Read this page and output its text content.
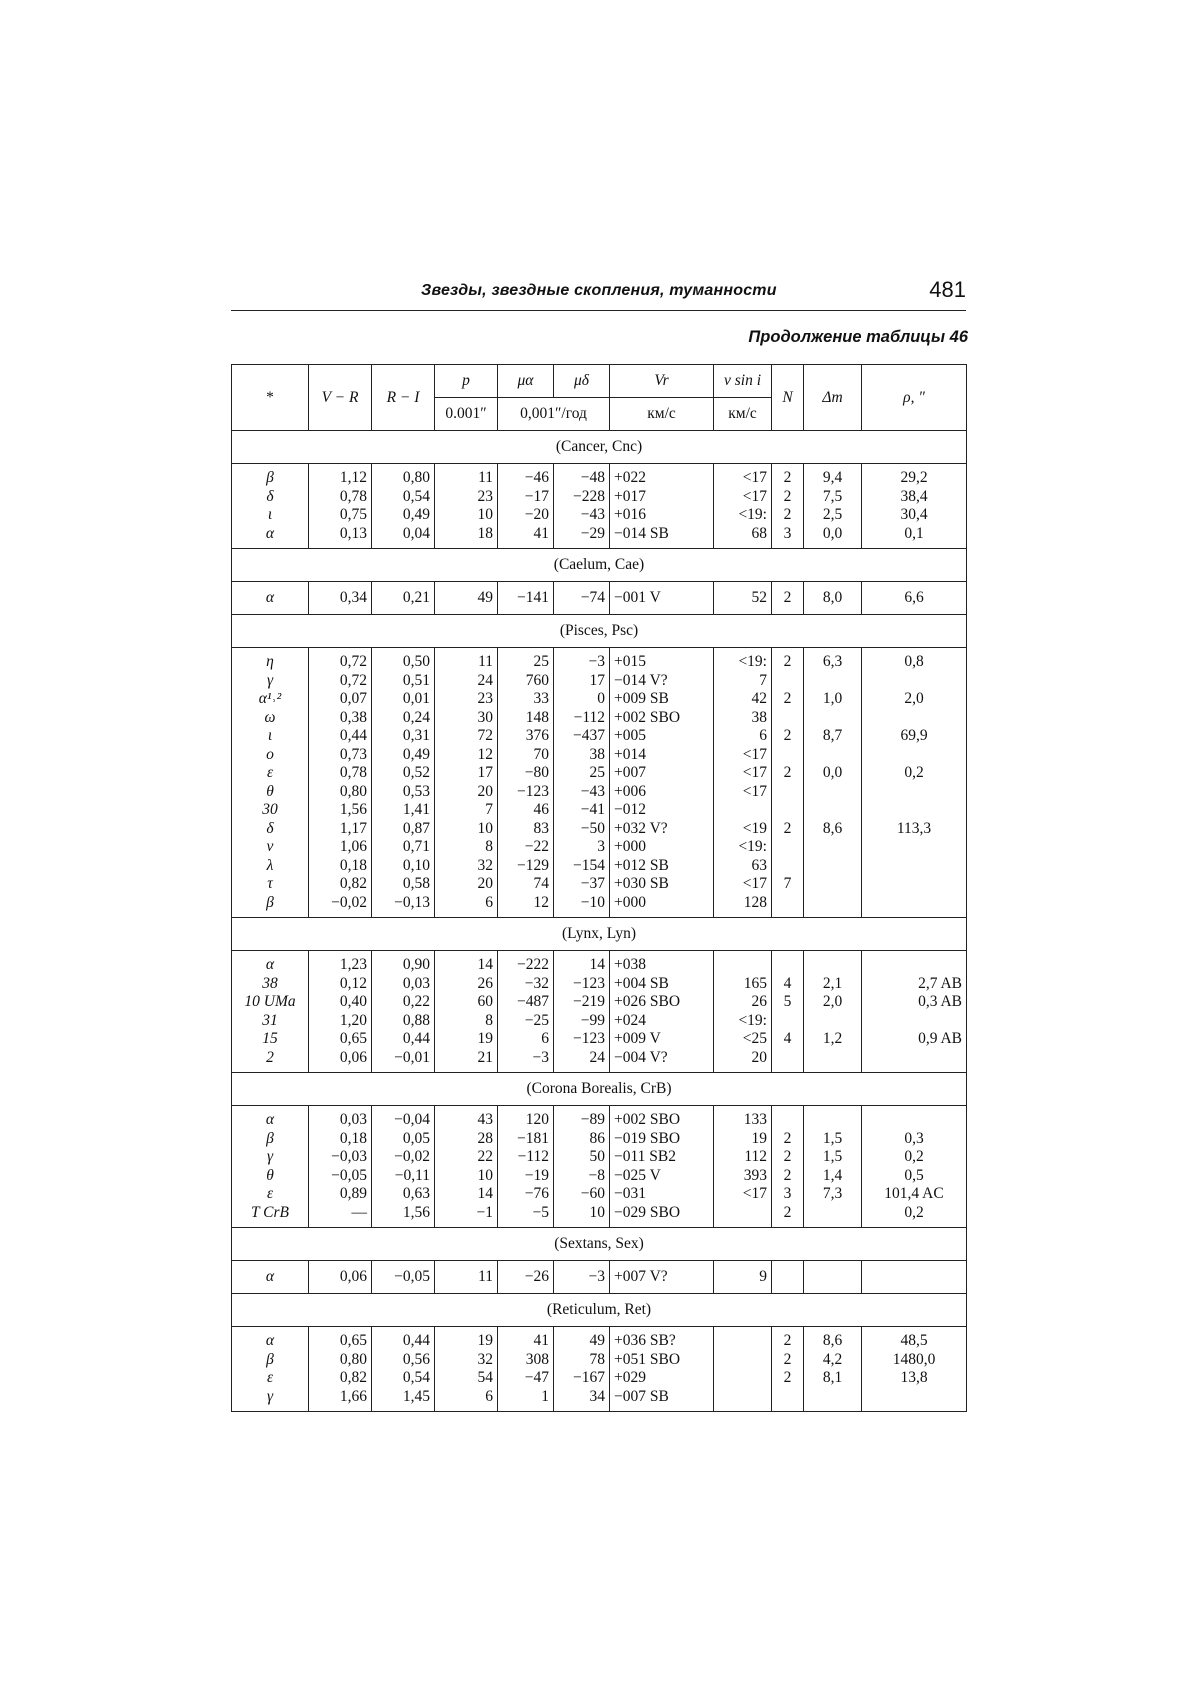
Звезды, звездные скопления, туманности	481
Продолжение таблицы 46
*	V − R	R − I	p	μα	μδ	Vr	v sin i	N	Δm	ρ, ″
			0.001″	0,001″/год		км/с	км/с			
(Cancer, Cnc)										

β	1,12	0,80	11	−46	−48	+022	<17	2	9,4	29,2
δ	0,78	0,54	23	−17	−228	+017	<17	2	7,5	38,4
ι	0,75	0,49	10	−20	−43	+016	<19:	2	2,5	30,4
α	0,13	0,04	18	41	−29	−014 SB	68	3	0,0	0,1

(Caelum, Cae)										
α	0,34	0,21	49	−141	−74	−001 V	52	2	8,0	6,6
(Pisces, Psc)										

η	0,72	0,50	11	25	−3	+015	<19:	2	6,3	0,8
γ	0,72	0,51	24	760	17	−014 V?	7			
α¹˒²	0,07	0,01	23	33	0	+009 SB	42	2	1,0	2,0
ω	0,38	0,24	30	148	−112	+002 SBO	38			
ι	0,44	0,31	72	376	−437	+005	6	2	8,7	69,9
o	0,73	0,49	12	70	38	+014	<17			
ε	0,78	0,52	17	−80	25	+007	<17	2	0,0	0,2
θ	0,80	0,53	20	−123	−43	+006	<17			
30	1,56	1,41	7	46	−41	−012				
δ	1,17	0,87	10	83	−50	+032 V?	<19	2	8,6	113,3
ν	1,06	0,71	8	−22	3	+000	<19:			
λ	0,18	0,10	32	−129	−154	+012 SB	63			
τ	0,82	0,58	20	74	−37	+030 SB	<17	7		
β	−0,02	−0,13	6	12	−10	+000	128			

(Lynx, Lyn)										

α	1,23	0,90	14	−222	14	+038				
38	0,12	0,03	26	−32	−123	+004 SB	165	4	2,1	2,7 AB
10 UMa	0,40	0,22	60	−487	−219	+026 SBO	26	5	2,0	0,3 AB
31	1,20	0,88	8	−25	−99	+024	<19:			
15	0,65	0,44	19	6	−123	+009 V	<25	4	1,2	0,9 AB
2	0,06	−0,01	21	−3	24	−004 V?	20			

(Corona Borealis, CrB)										

α	0,03	−0,04	43	120	−89	+002 SBO	133			
β	0,18	0,05	28	−181	86	−019 SBO	19	2	1,5	0,3
γ	−0,03	−0,02	22	−112	50	−011 SB2	112	2	1,5	0,2
θ	−0,05	−0,11	10	−19	−8	−025 V	393	2	1,4	0,5
ε	0,89	0,63	14	−76	−60	−031	<17	3	7,3	101,4 AC
T CrB	—	1,56	−1	−5	10	−029 SBO		2		0,2

(Sextans, Sex)										
α	0,06	−0,05	11	−26	−3	+007 V?	9			
(Reticulum, Ret)										

α	0,65	0,44	19	41	49	+036 SB?		2	8,6	48,5
β	0,80	0,56	32	308	78	+051 SBO		2	4,2	1480,0
ε	0,82	0,54	54	−47	−167	+029		2	8,1	13,8
γ	1,66	1,45	6	1	34	−007 SB				
